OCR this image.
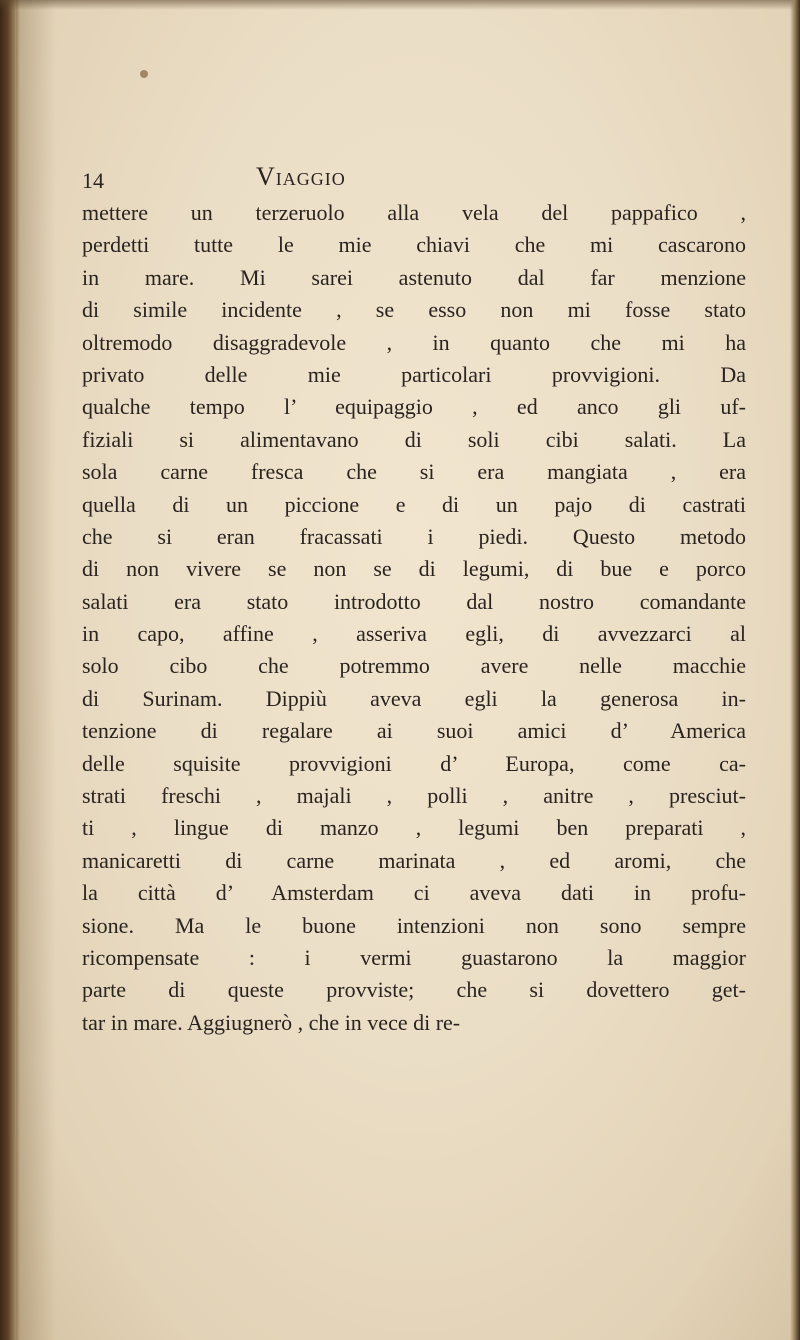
14	Viaggio
mettere un terzeruolo alla vela del pappafico ,
perdetti tutte le mie chiavi che mi cascarono
in mare. Mi sarei astenuto dal far menzione
di simile incidente , se esso non mi fosse stato
oltremodo disaggradevole , in quanto che mi ha
privato delle mie particolari provvigioni. Da
qualche tempo l’ equipaggio , ed anco gli uf-
fiziali si alimentavano di soli cibi salati. La
sola carne fresca che si era mangiata , era
quella di un piccione e di un pajo di castrati
che si eran fracassati i piedi. Questo metodo
di non vivere se non se di legumi, di bue e porco
salati era stato introdotto dal nostro comandante
in capo, affine , asseriva egli, di avvezzarci al
solo cibo che potremmo avere nelle macchie
di Surinam. Dippiù aveva egli la generosa in-
tenzione di regalare ai suoi amici d’ America
delle squisite provvigioni d’ Europa, come ca-
strati freschi , majali , polli , anitre , presciut-
ti , lingue di manzo , legumi ben preparati ,
manicaretti di carne marinata , ed aromi, che
la città d’ Amsterdam ci aveva dati in profu-
sione. Ma le buone intenzioni non sono sempre
ricompensate : i vermi guastarono la maggior
parte di queste provviste; che si dovettero get-
tar in mare. Aggiugnerò , che in vece di re-
